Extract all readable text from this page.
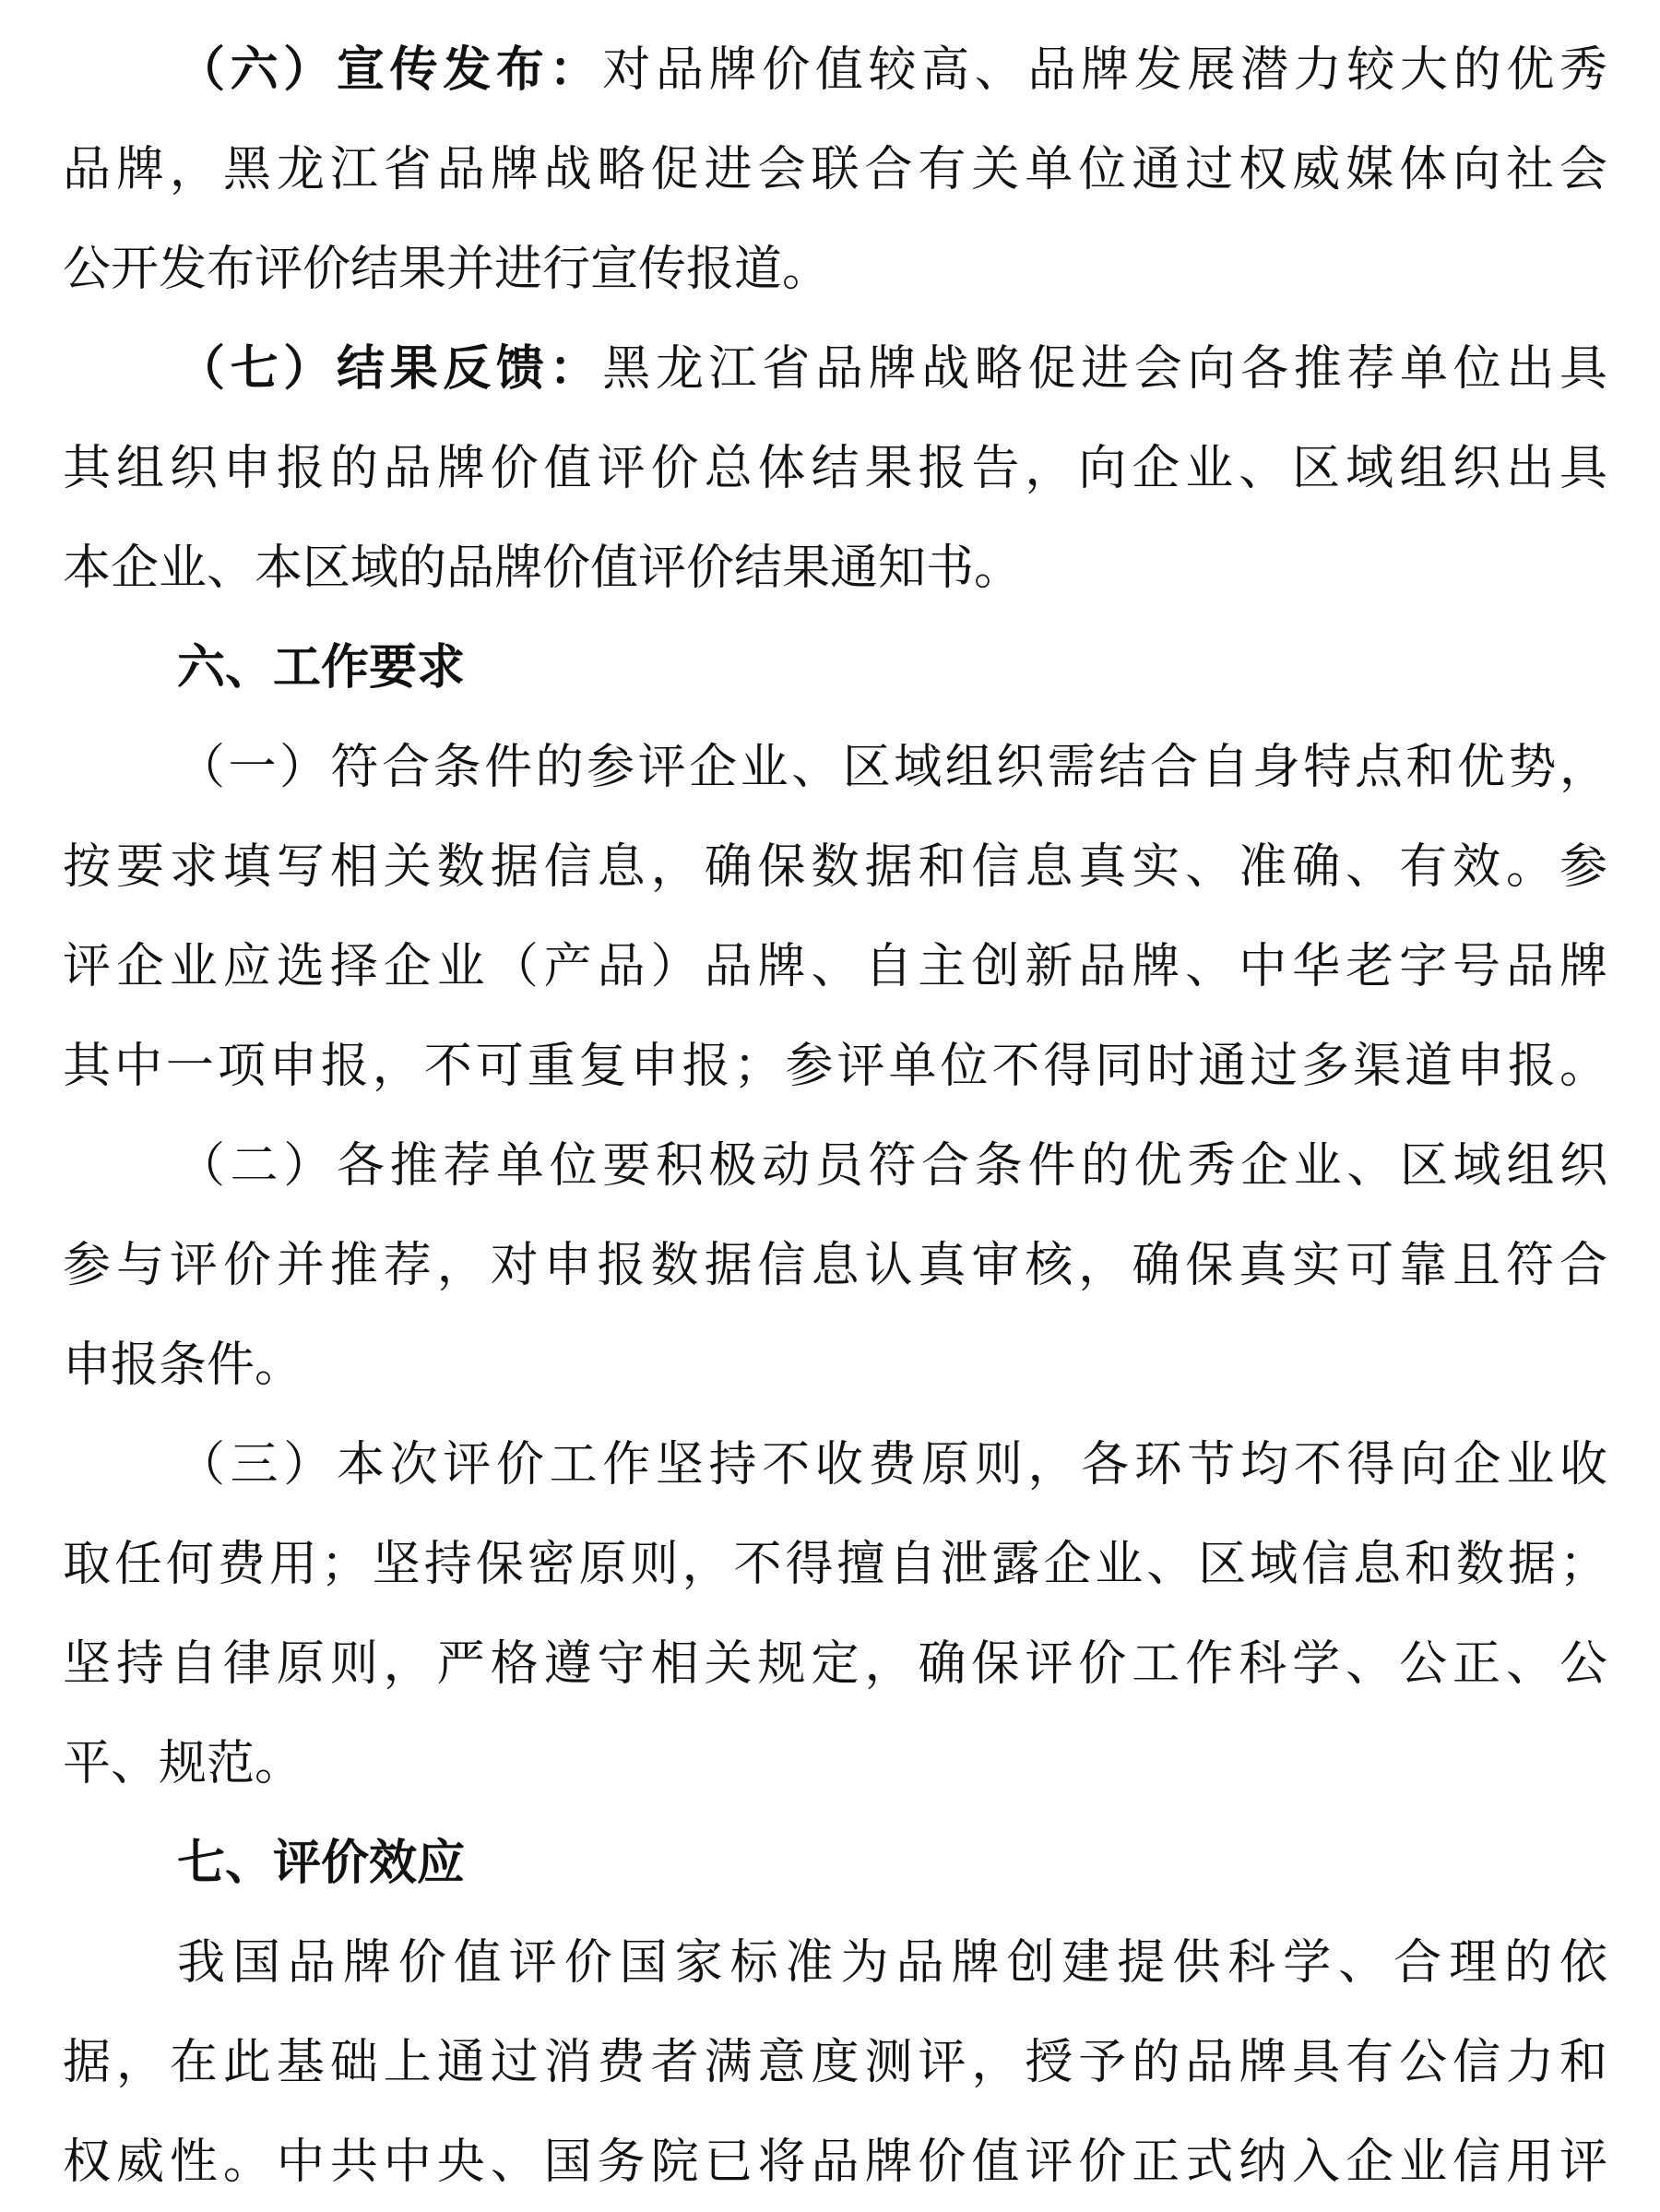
（六）宣传发布：对品牌价值较高、品牌发展潜力较大的优秀
品牌，黑龙江省品牌战略促进会联合有关单位通过权威媒体向社会
公开发布评价结果并进行宣传报道。
（七）结果反馈：黑龙江省品牌战略促进会向各推荐单位出具
其组织申报的品牌价值评价总体结果报告，向企业、区域组织出具
本企业、本区域的品牌价值评价结果通知书。
六、工作要求
（一）符合条件的参评企业、区域组织需结合自身特点和优势，
按要求填写相关数据信息，确保数据和信息真实、准确、有效。参
评企业应选择企业（产品）品牌、自主创新品牌、中华老字号品牌
其中一项申报，不可重复申报；参评单位不得同时通过多渠道申报。
（二）各推荐单位要积极动员符合条件的优秀企业、区域组织
参与评价并推荐，对申报数据信息认真审核，确保真实可靠且符合
申报条件。
（三）本次评价工作坚持不收费原则，各环节均不得向企业收
取任何费用；坚持保密原则，不得擅自泄露企业、区域信息和数据；
坚持自律原则，严格遵守相关规定，确保评价工作科学、公正、公
平、规范。
七、评价效应
我国品牌价值评价国家标准为品牌创建提供科学、合理的依
据，在此基础上通过消费者满意度测评，授予的品牌具有公信力和
权威性。中共中央、国务院已将品牌价值评价正式纳入企业信用评
